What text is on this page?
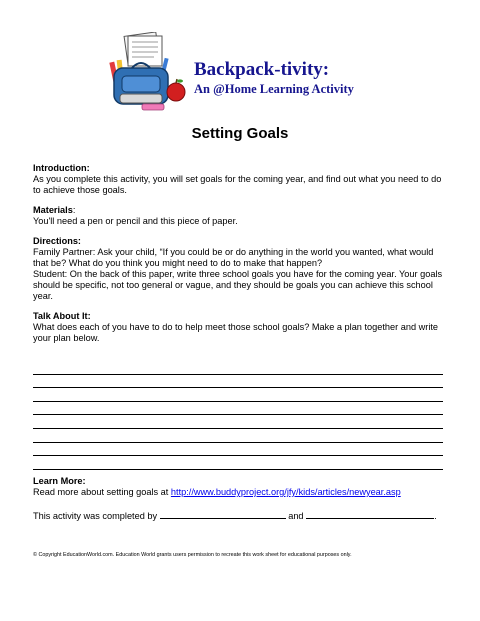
Backpack-tivity:
An @Home Learning Activity
Setting Goals

Introduction:

As you complete this activity, you will set goals for the coming year, and find out what you need to do to achieve those goals.

Materials:

You'll need a pen or pencil and this piece of paper.

Directions:

Family Partner: Ask your child, “If you could be or do anything in the world you wanted, what would that be? What do you think you might need to do to make that happen?

Student: On the back of this paper, write three school goals you have for the coming year. Your goals should be specific, not too general or vague, and they should be goals you can achieve this school year.

Talk About It:

What does each of you have to do to help meet those school goals? Make a plan together and write your plan below.

Learn More:

Read more about setting goals at http://www.buddyproject.org/jfy/kids/articles/newyear.asp

This activity was completed by	and	.

© Copyright EducationWorld.com. Education World grants users permission to recreate this work sheet for educational purposes only.
